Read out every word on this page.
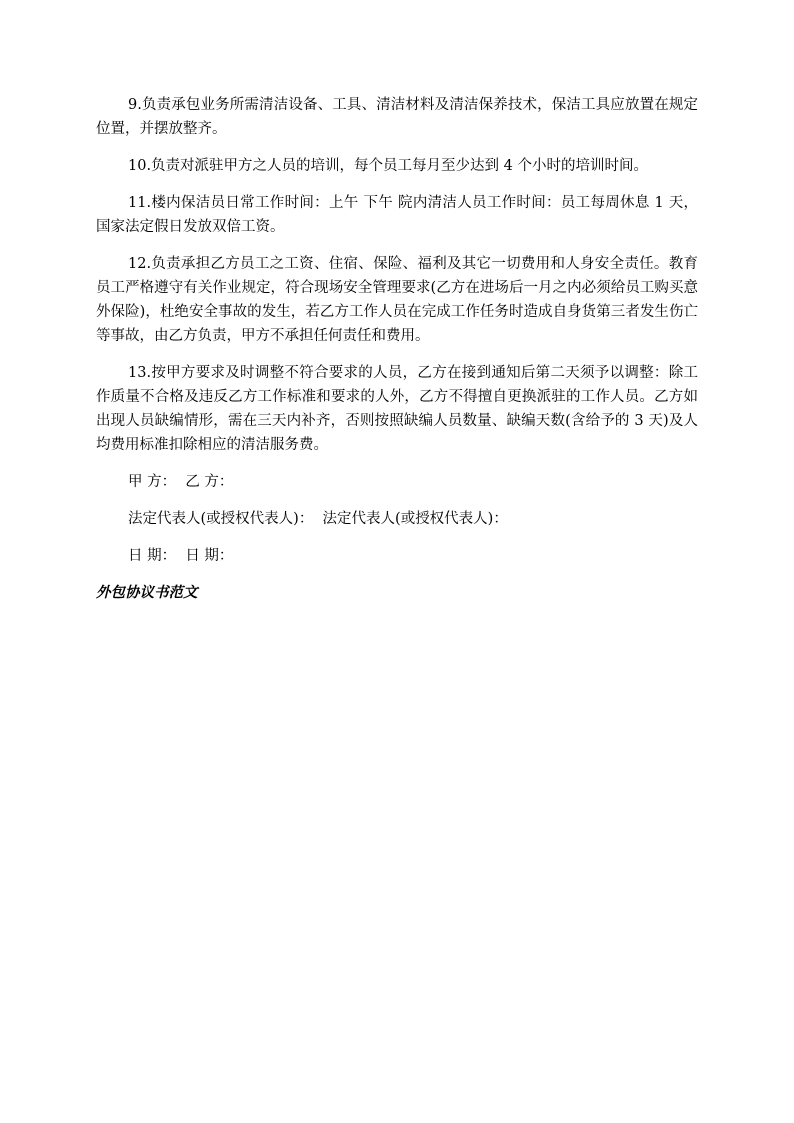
9.负责承包业务所需清洁设备、工具、清洁材料及清洁保养技术，保洁工具应放置在规定位置，并摆放整齐。

10.负责对派驻甲方之人员的培训，每个员工每月至少达到 4 个小时的培训时间。

11.楼内保洁员日常工作时间：上午 下午 院内清洁人员工作时间：员工每周休息 1 天，国家法定假日发放双倍工资。

12.负责承担乙方员工之工资、住宿、保险、福利及其它一切费用和人身安全责任。教育员工严格遵守有关作业规定，符合现场安全管理要求(乙方在进场后一月之内必须给员工购买意外保险)，杜绝安全事故的发生，若乙方工作人员在完成工作任务时造成自身货第三者发生伤亡等事故，由乙方负责，甲方不承担任何责任和费用。

13.按甲方要求及时调整不符合要求的人员，乙方在接到通知后第二天须予以调整：除工作质量不合格及违反乙方工作标准和要求的人外，乙方不得擅自更换派驻的工作人员。乙方如出现人员缺编情形，需在三天内补齐，否则按照缺编人员数量、缺编天数(含给予的 3 天)及人均费用标准扣除相应的清洁服务费。

甲 方：  乙 方：

法定代表人(或授权代表人)：  法定代表人(或授权代表人)：

日 期：  日 期：

外包协议书范文
